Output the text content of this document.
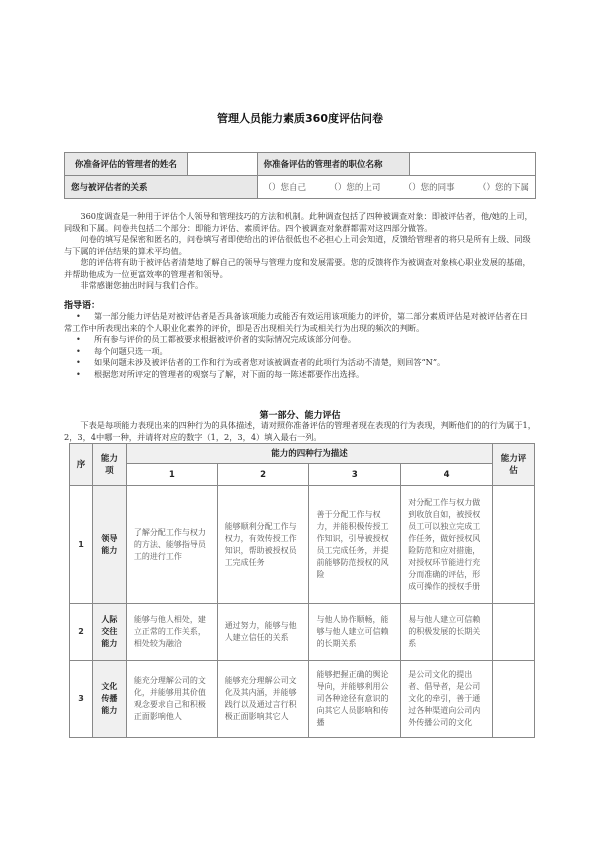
管理人员能力素质360度评估问卷
你准备评估的管理者的姓名		你准备评估的管理者的职位名称	
您与被评估者的关系		（）您自己 （）您的上司 （）您的同事 （）您的下属	

360度调查是一种用于评估个人领导和管理技巧的方法和机制。此种调查包括了四种被调查对象：即被评估者，他/她的上司，同级和下属。问卷共包括二个部分：即能力评估、素质评估。四个被调查对象群都需对这四部分做答。

问卷的填写是保密和匿名的，问卷填写者即使给出的评估很低也不必担心上司会知道，反馈给管理者的将只是所有上级、同级与下属的评估结果的算术平均值。

您的评估将有助于被评估者清楚地了解自己的领导与管理力度和发展需要。您的反馈将作为被调查对象核心职业发展的基础，并帮助他成为一位更富效率的管理者和领导。

非常感谢您抽出时间与我们合作。

指导语：
• 第一部分能力评估是对被评估者是否具备该项能力或能否有效运用该项能力的评价，第二部分素质评估是对被评估者在日常工作中所表现出来的个人职业化素养的评价，即是否出现相关行为或相关行为出现的频次的判断。
• 所有参与评价的员工都被要求根据被评价者的实际情况完成该部分问卷。
• 每个问题只选一项。
• 如果问题未涉及被评估者的工作和行为或者您对该被调查者的此项行为活动不清楚，则回答“N”。
• 根据您对所评定的管理者的观察与了解，对下面的每一陈述都要作出选择。
第一部分、能力评估

下表是每项能力表现出来的四种行为的具体描述，请对照你准备评估的管理者现在表现的行为表现，判断他们的的行为属于1，2，3，4中哪一种，并请将对应的数字（1，2，3，4）填入最右一列。

序	能力项	能力的四种行为描述				能力评估
		1	2	3	4	
1	领导能力	了解分配工作与权力的方法、能够指导员工的进行工作	能够顺利分配工作与权力，有效传授工作知识，帮助被授权员工完成任务	善于分配工作与权力，并能积极传授工作知识，引导被授权员工完成任务，并提前能够防范授权的风险	对分配工作与权力做到收放自如，被授权员工可以独立完成工作任务，做好授权风险防范和应对措施，对授权环节能进行充分而准确的评估，形成可操作的授权手册	
2	人际交往能力	能够与他人相处，建立正常的工作关系，相处较为融洽	通过努力，能够与他人建立信任的关系	与他人协作顺畅，能够与他人建立可信赖的长期关系	易与他人建立可信赖的积极发展的长期关系	
3	文化传播能力	能充分理解公司的文化，并能够用其价值观念要求自己和积极正面影响他人	能够充分理解公司文化及其内涵，并能够践行以及通过言行积极正面影响其它人	能够把握正确的舆论导向，并能够利用公司各种途径有意识的向其它人员影响和传播	是公司文化的提出者、倡导者，是公司文化的牵引，善于通过各种渠道向公司内外传播公司的文化	
